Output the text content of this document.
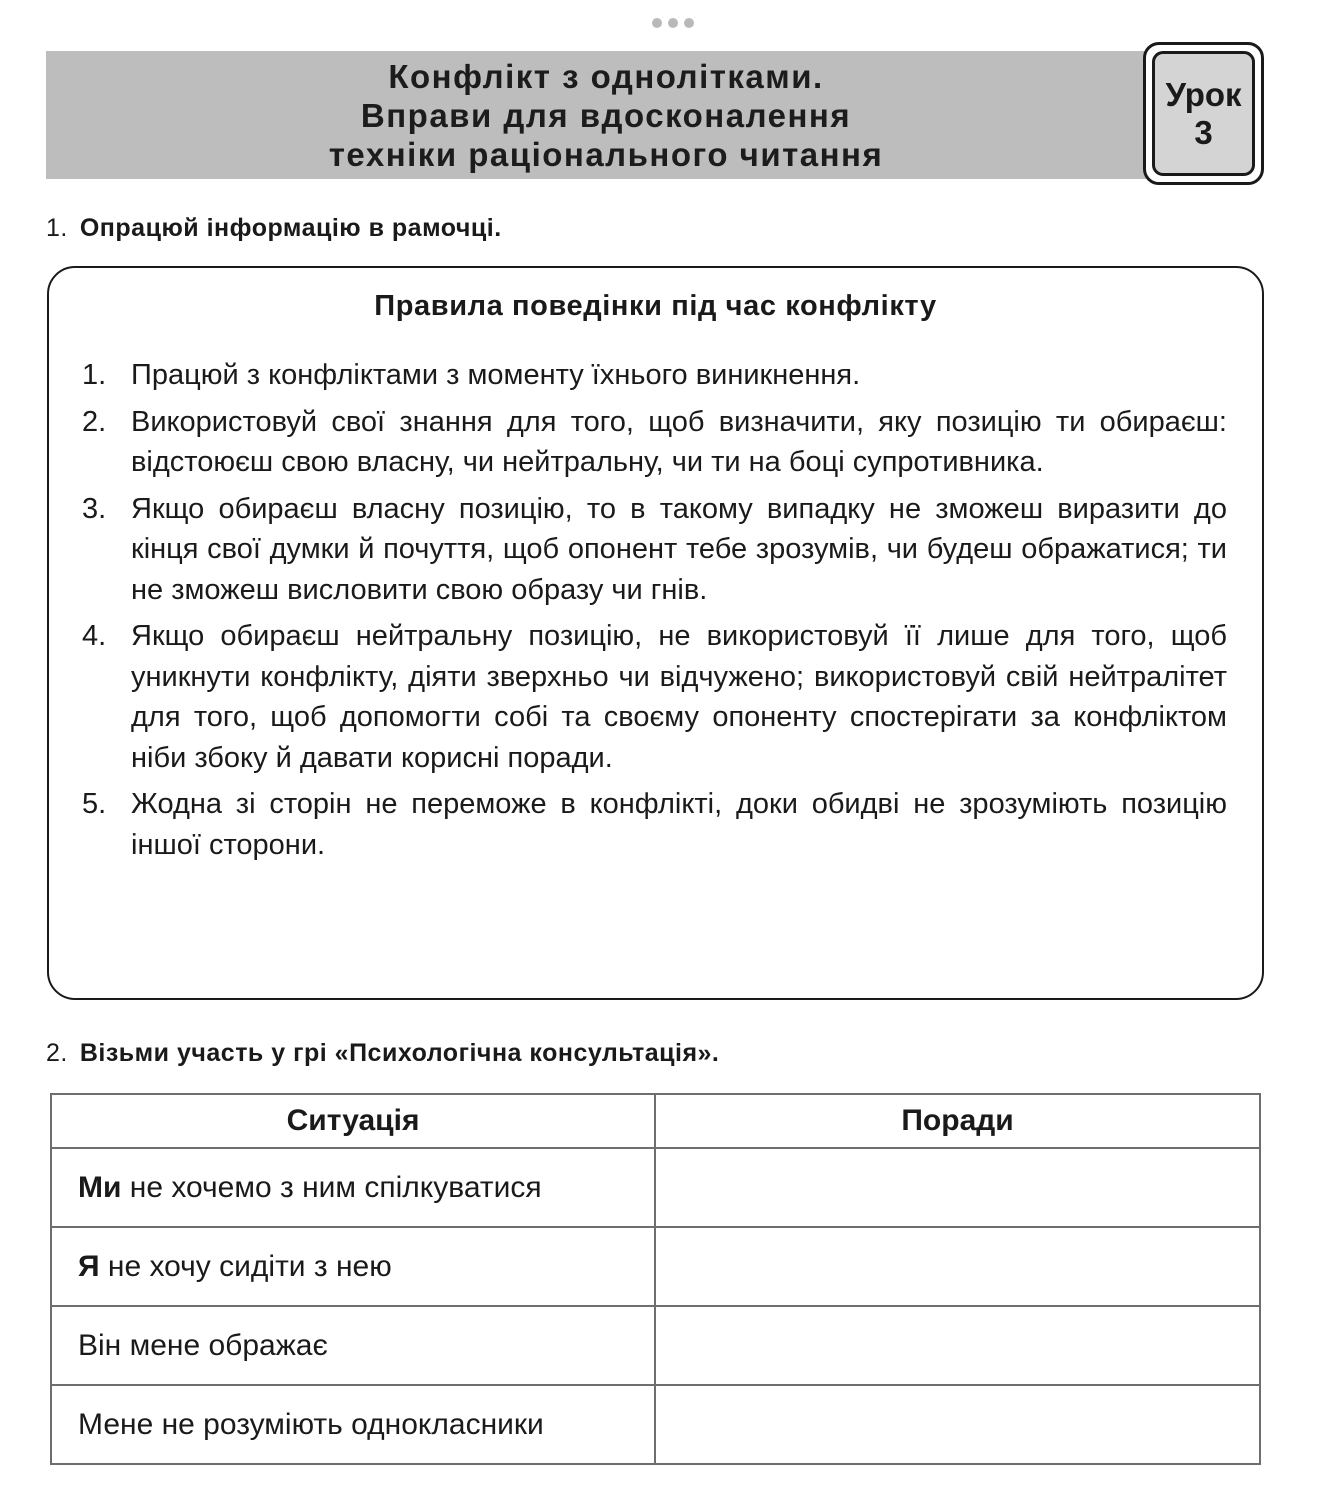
Конфлікт з однолітками.
Вправи для вдосконалення
техніки раціонального читання
Урок
3
1. Опрацюй інформацію в рамочці.
Правила поведінки під час конфлікту
1. Працюй з конфліктами з моменту їхнього виникнення.
2. Використовуй свої знання для того, щоб визначити, яку позицію ти обираєш: відстоюєш свою власну, чи нейтральну, чи ти на боці супротивника.
3. Якщо обираєш власну позицію, то в такому випадку не зможеш виразити до кінця свої думки й почуття, щоб опонент тебе зрозумів, чи будеш ображатися; ти не зможеш висловити свою образу чи гнів.
4. Якщо обираєш нейтральну позицію, не використовуй її лише для того, щоб уникнути конфлікту, діяти зверхньо чи відчужено; використовуй свій нейтралітет для того, щоб допомогти собі та своєму опоненту спостерігати за конфліктом ніби збоку й давати корисні поради.
5. Жодна зі сторін не переможе в конфлікті, доки обидві не зрозуміють позицію іншої сторони.
2. Візьми участь у грі «Психологічна консультація».
Ситуація	Поради
Ми не хочемо з ним спілкуватися	
Я не хочу сидіти з нею	
Він мене ображає	
Мене не розуміють однокласники	
